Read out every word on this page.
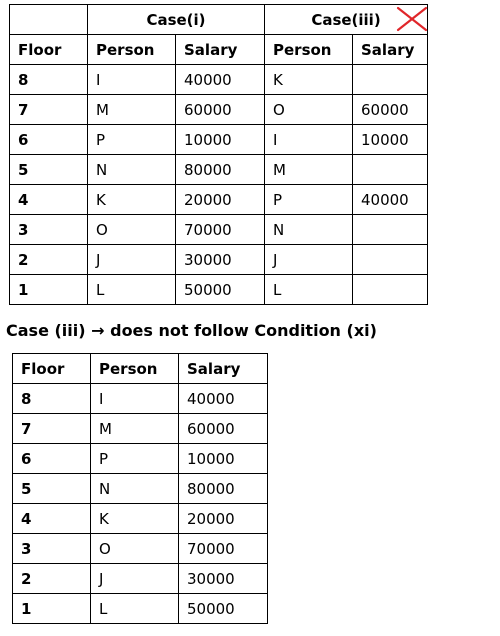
	Case(i)		Case(iii)	

Floor	Person	Salary	Person	Salary
8	I	40000	K	
7	M	60000	O	60000
6	P	10000	I	10000
5	N	80000	M	
4	K	20000	P	40000
3	O	70000	N	
2	J	30000	J	
1	L	50000	L	
Case (iii) → does not follow Condition (xi)
Floor	Person	Salary
8	I	40000
7	M	60000
6	P	10000
5	N	80000
4	K	20000
3	O	70000
2	J	30000
1	L	50000
